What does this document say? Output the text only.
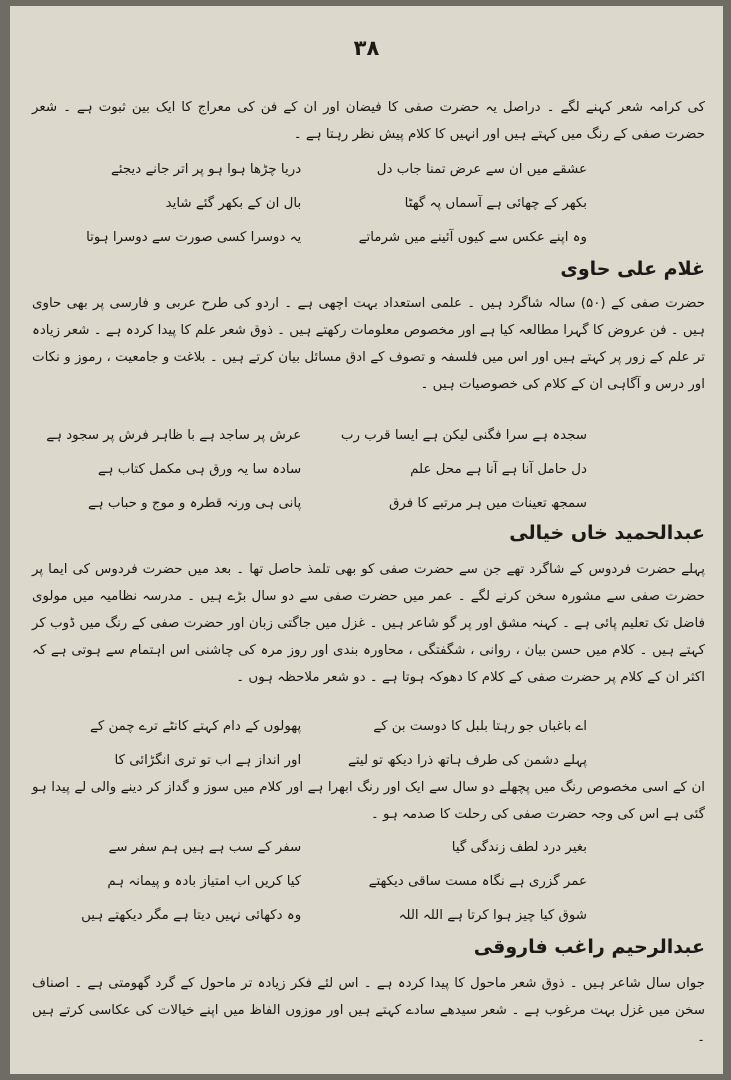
۳۸

کی کرامہ شعر کہنے لگے ۔ دراصل یہ حضرت صفی کا فیضان اور ان کے فن کی معراج کا ایک بین ثبوت ہے ۔ شعر حضرت صفی کے رنگ میں کہتے ہیں اور انہیں کا کلام پیش نظر رہتا ہے ۔

عشقے میں ان سے عرض تمنا جاب دل
دریا چڑھا ہوا ہو پر اتر جانے دیجئے
بکھر کے چھائی ہے آسماں پہ گھٹا
بال ان کے بکھر گئے شاید
وہ اپنے عکس سے کیوں آئینے میں شرماتے
یہ دوسرا کسی صورت سے دوسرا ہوتا
غلام علی حاوی

حضرت صفی کے (۵۰) سالہ شاگرد ہیں ۔ علمی استعداد بہت اچھی ہے ۔ اردو کی طرح عربی و فارسی پر بھی حاوی ہیں ۔ فن عروض کا گہرا مطالعہ کیا ہے اور مخصوص معلومات رکھتے ہیں ۔ ذوق شعر علم کا پیدا کردہ ہے ۔ شعر زیادہ تر علم کے زور پر کہتے ہیں اور اس میں فلسفہ و تصوف کے ادق مسائل بیان کرتے ہیں ۔ بلاغت و جامعیت ، رموز و نکات اور درس و آگاہی ان کے کلام کی خصوصیات ہیں ۔

سجدہ ہے سرا فگنی لیکن ہے ایسا قرب رب
عرش پر ساجد ہے با ظاہر فرش پر سجود ہے
دل حامل آنا ہے آنا ہے محل علم
سادہ سا یہ ورق ہی مکمل کتاب ہے
سمجھ تعینات میں ہر مرتبے کا فرق
پانی ہی ورنہ قطرہ و موج و حباب ہے
عبدالحمید خاں خیالی

پہلے حضرت فردوس کے شاگرد تھے جن سے حضرت صفی کو بھی تلمذ حاصل تھا ۔ بعد میں حضرت فردوس کی ایما پر حضرت صفی سے مشورہ سخن کرنے لگے ۔ عمر میں حضرت صفی سے دو سال بڑے ہیں ۔ مدرسہ نظامیہ میں مولوی فاضل تک تعلیم پائی ہے ۔ کہنہ مشق اور پر گو شاعر ہیں ۔ غزل میں جاگتی زبان اور حضرت صفی کے رنگ میں ڈوب کر کہتے ہیں ۔ کلام میں حسن بیان ، روانی ، شگفتگی ، محاورہ بندی اور روز مرہ کی چاشنی اس اہتمام سے ہوتی ہے کہ اکثر ان کے کلام پر حضرت صفی کے کلام کا دھوکہ ہوتا ہے ۔ دو شعر ملاحظہ ہوں ۔

اے باغباں جو رہتا بلبل کا دوست بن کے
پھولوں کے دام کہتے کانٹے ترے چمن کے
پہلے دشمن کی طرف ہاتھ ذرا دیکھ تو لیتے
اور انداز ہے اب تو تری انگڑائی کا

ان کے اسی مخصوص رنگ میں پچھلے دو سال سے ایک اور رنگ ابھرا ہے اور کلام میں سوز و گداز کر دینے والی لے پیدا ہو گئی ہے اس کی وجہ حضرت صفی کی رحلت کا صدمہ ہو ۔

بغیر درد لطف زندگی گیا
سفر کے سب ہے ہیں ہم سفر سے
عمر گزری ہے نگاہ مست ساقی دیکھتے
کیا کریں اب امتیاز بادہ و پیمانہ ہم
شوق کیا چیز ہوا کرتا ہے اللہ اللہ
وہ دکھائی نہیں دیتا ہے مگر دیکھتے ہیں
عبدالرحیم راغب فاروقی

جواں سال شاعر ہیں ۔ ذوق شعر ماحول کا پیدا کردہ ہے ۔ اس لئے فکر زیادہ تر ماحول کے گرد گھومتی ہے ۔ اصناف سخن میں غزل بہت مرغوب ہے ۔ شعر سیدھے سادے کہتے ہیں اور موزوں الفاظ میں اپنے خیالات کی عکاسی کرتے ہیں ۔
